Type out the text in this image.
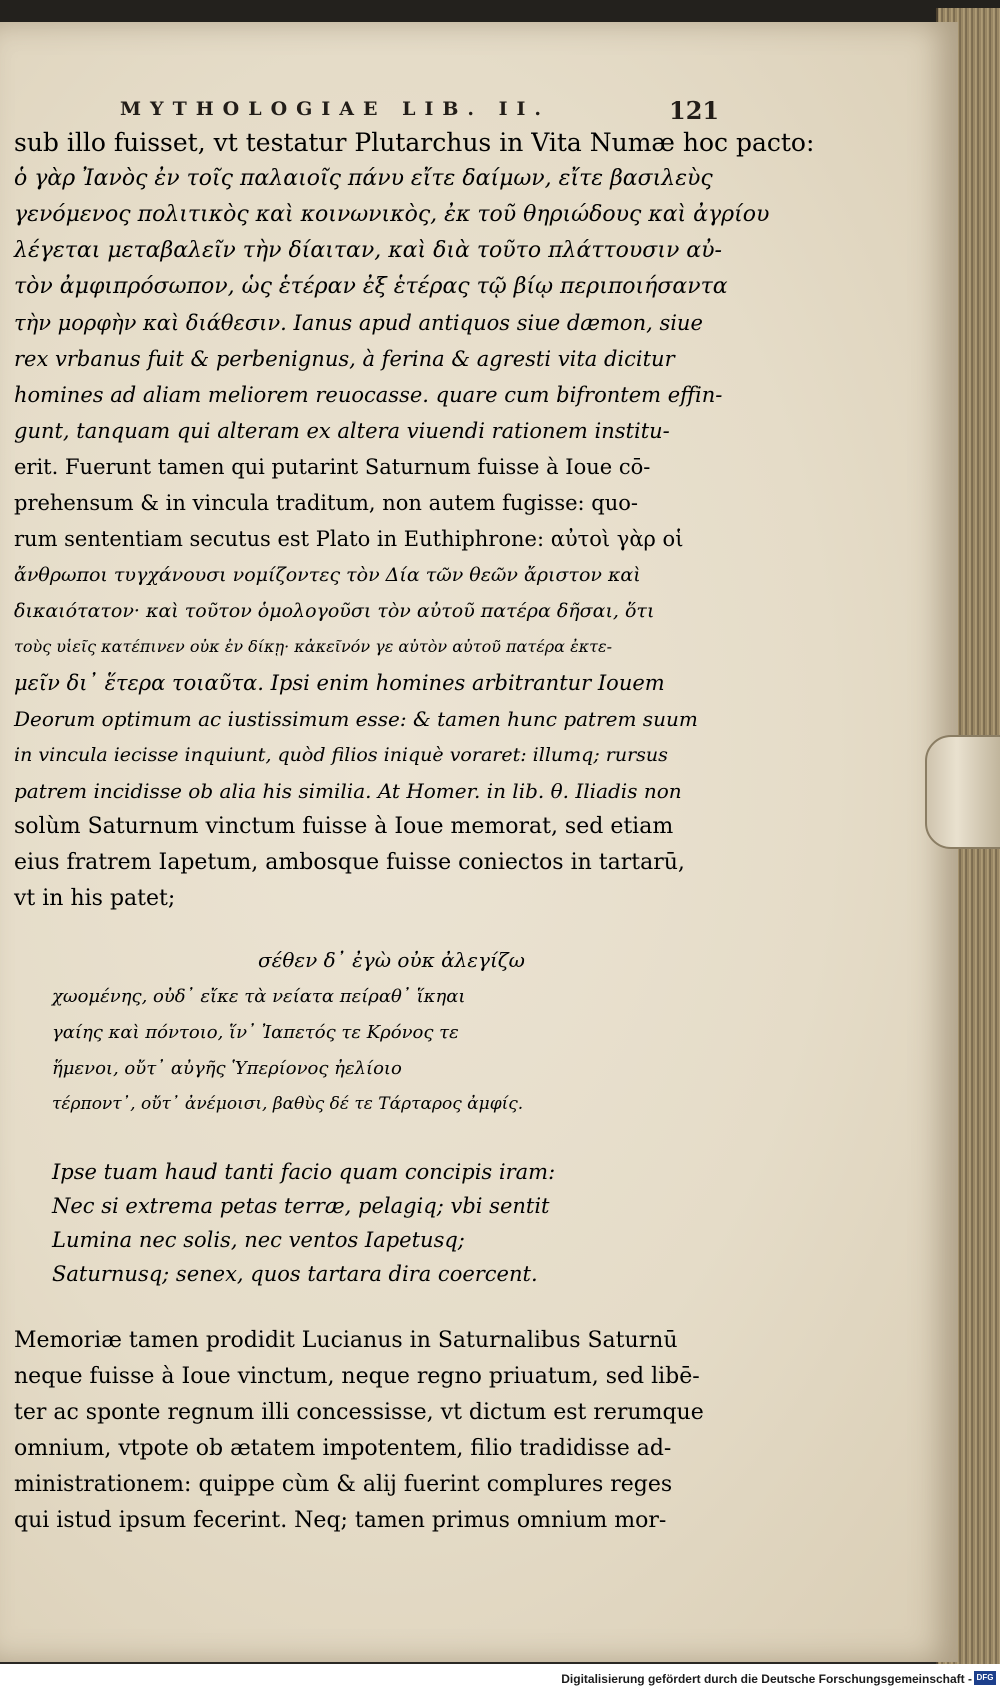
MYTHOLOGIAE LIB. II.	121
sub illo fuisset, vt testatur Plutarchus in Vita Numæ hoc pacto:
ὁ γὰρ Ἰανὸς ἐν τοῖς παλαιοῖς πάνυ εἴτε δαίμων, εἴτε βασιλεὺς
γενόμενος πολιτικὸς καὶ κοινωνικὸς, ἐκ τοῦ θηριώδους καὶ ἀγρίου
λέγεται μεταβαλεῖν τὴν δίαιταν, καὶ διὰ τοῦτο πλάττουσιν αὐ-
τὸν ἀμφιπρόσωπον, ὡς ἑτέραν ἐξ ἑτέρας τῷ βίῳ περιποιήσαντα
τὴν μορφὴν καὶ διάθεσιν. Ianus apud antiquos siue dæmon, siue
rex vrbanus fuit & perbenignus, à ferina & agresti vita dicitur
homines ad aliam meliorem reuocasse. quare cum bifrontem effin-
gunt, tanquam qui alteram ex altera viuendi rationem institu-
erit. Fuerunt tamen qui putarint Saturnum fuisse à Ioue cō-
prehensum & in vincula traditum, non autem fugisse: quo-
rum sententiam secutus est Plato in Euthiphrone: αὐτοὶ γὰρ οἱ
ἄνθρωποι τυγχάνουσι νομίζοντες τὸν Δία τῶν θεῶν ἄριστον καὶ
δικαιότατον· καὶ τοῦτον ὁμολογοῦσι τὸν αὐτοῦ πατέρα δῆσαι, ὅτι
τοὺς υἱεῖς κατέπινεν οὐκ ἐν δίκῃ· κἀκεῖνόν γε αὐτὸν αὐτοῦ πατέρα ἐκτε-
μεῖν δι᾽ ἕτερα τοιαῦτα. Ipsi enim homines arbitrantur Iouem
Deorum optimum ac iustissimum esse: & tamen hunc patrem suum
in vincula iecisse inquiunt, quòd filios iniquè voraret: illumq; rursus
patrem incidisse ob alia his similia. At Homer. in lib. θ. Iliadis non
solùm Saturnum vinctum fuisse à Ioue memorat, sed etiam
eius fratrem Iapetum, ambosque fuisse coniectos in tartarū,
vt in his patet;
σέθεν δ᾽ ἐγὼ οὐκ ἀλεγίζω
χωομένης, οὐδ᾽ εἴκε τὰ νείατα πείραθ᾽ ἵκηαι
γαίης καὶ πόντοιο, ἵν᾽ Ἰαπετός τε Κρόνος τε
ἥμενοι, οὔτ᾽ αὐγῆς Ὑπερίονος ἠελίοιο
τέρποντ᾽, οὔτ᾽ ἀνέμοισι, βαθὺς δέ τε Τάρταρος ἀμφίς.
Ipse tuam haud tanti facio quam concipis iram:
Nec si extrema petas terræ, pelagiq; vbi sentit
Lumina nec solis, nec ventos Iapetusq;
Saturnusq; senex, quos tartara dira coercent.
Memoriæ tamen prodidit Lucianus in Saturnalibus Saturnū
neque fuisse à Ioue vinctum, neque regno priuatum, sed libē-
ter ac sponte regnum illi concessisse, vt dictum est rerumque
omnium, vtpote ob ætatem impotentem, filio tradidisse ad-
ministrationem: quippe cùm & alij fuerint complures reges
qui istud ipsum fecerint. Neq; tamen primus omnium mor-
Digitalisierung gefördert durch die Deutsche Forschungsgemeinschaft - DFG
